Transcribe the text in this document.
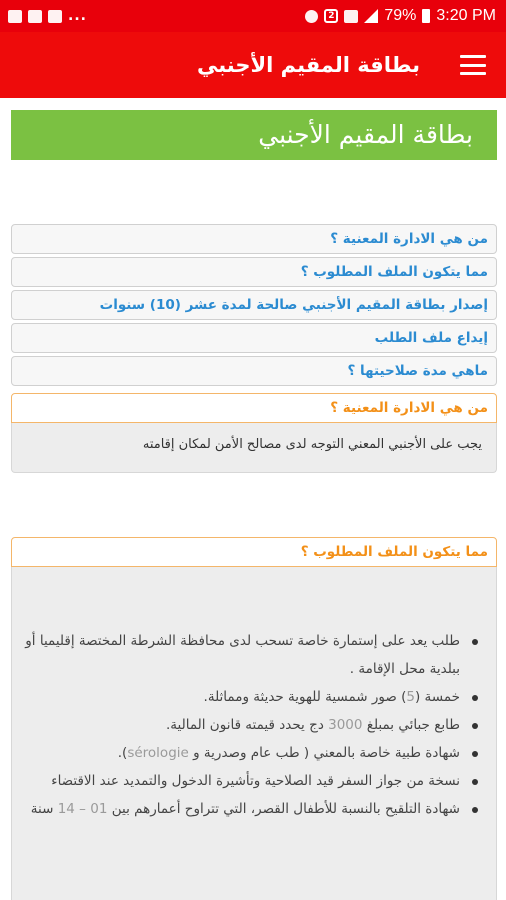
...	2	79% 3:20 PM
بطاقة المقيم الأجنبي
بطاقة المقيم الأجنبي
من هي الادارة المعنية ؟
مما يتكون الملف المطلوب ؟
إصدار بطاقة المقيم الأجنبي صالحة لمدة عشر (10) سنوات
إيداع ملف الطلب
ماهي مدة صلاحيتها ؟
من هي الادارة المعنية ؟
يجب على الأجنبي المعني التوجه لدى مصالح الأمن لمكان إقامته
مما يتكون الملف المطلوب ؟
طلب يعد على إستمارة خاصة تسحب لدى محافظة الشرطة المختصة إقليميا أو ببلدية محل الإقامة .
خمسة (5) صور شمسية للهوية حديثة ومماثلة.
طابع جبائي بمبلغ 3000 دج يحدد قيمته قانون المالية.
شهادة طبية خاصة بالمعني ( طب عام وصدرية و sérologie).
نسخة من جواز السفر قيد الصلاحية وتأشيرة الدخول والتمديد عند الاقتضاء
شهادة التلقيح بالنسبة للأطفال القصر، التي تتراوح أعمارهم بين 01 – 14 سنة
